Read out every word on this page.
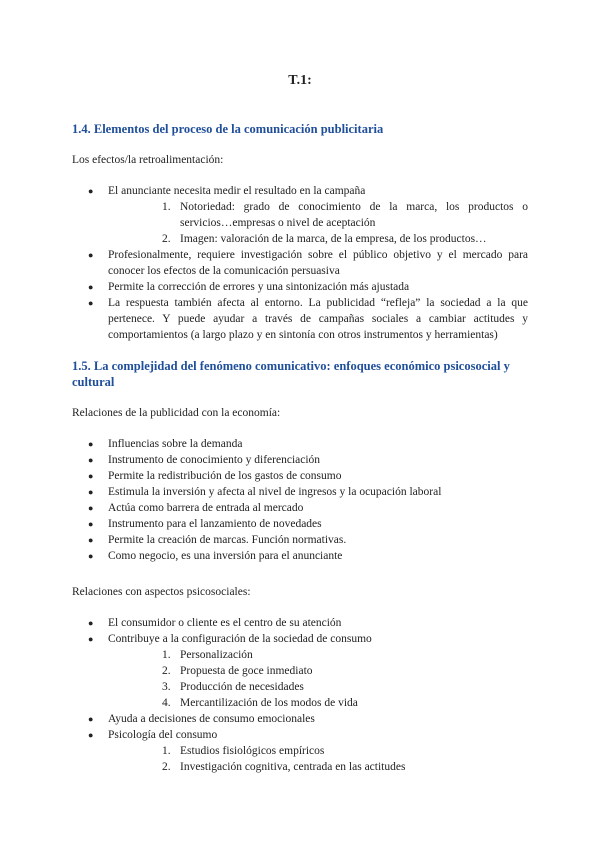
T.1:
1.4. Elementos del proceso de la comunicación publicitaria
Los efectos/la retroalimentación:
● El anunciante necesita medir el resultado en la campaña
1. Notoriedad: grado de conocimiento de la marca, los productos o servicios…empresas o nivel de aceptación
2. Imagen: valoración de la marca, de la empresa, de los productos…
● Profesionalmente, requiere investigación sobre el público objetivo y el mercado para conocer los efectos de la comunicación persuasiva
● Permite la corrección de errores y una sintonización más ajustada
● La respuesta también afecta al entorno. La publicidad “refleja” la sociedad a la que pertenece. Y puede ayudar a través de campañas sociales a cambiar actitudes y comportamientos (a largo plazo y en sintonía con otros instrumentos y herramientas)
1.5. La complejidad del fenómeno comunicativo: enfoques económico psicosocial y cultural
Relaciones de la publicidad con la economía:
● Influencias sobre la demanda
● Instrumento de conocimiento y diferenciación
● Permite la redistribución de los gastos de consumo
● Estimula la inversión y afecta al nivel de ingresos y la ocupación laboral
● Actúa como barrera de entrada al mercado
● Instrumento para el lanzamiento de novedades
● Permite la creación de marcas. Función normativas.
● Como negocio, es una inversión para el anunciante
Relaciones con aspectos psicosociales:
● El consumidor o cliente es el centro de su atención
● Contribuye a la configuración de la sociedad de consumo
1. Personalización
2. Propuesta de goce inmediato
3. Producción de necesidades
4. Mercantilización de los modos de vida
● Ayuda a decisiones de consumo emocionales
● Psicología del consumo
1. Estudios fisiológicos empíricos
2. Investigación cognitiva, centrada en las actitudes
